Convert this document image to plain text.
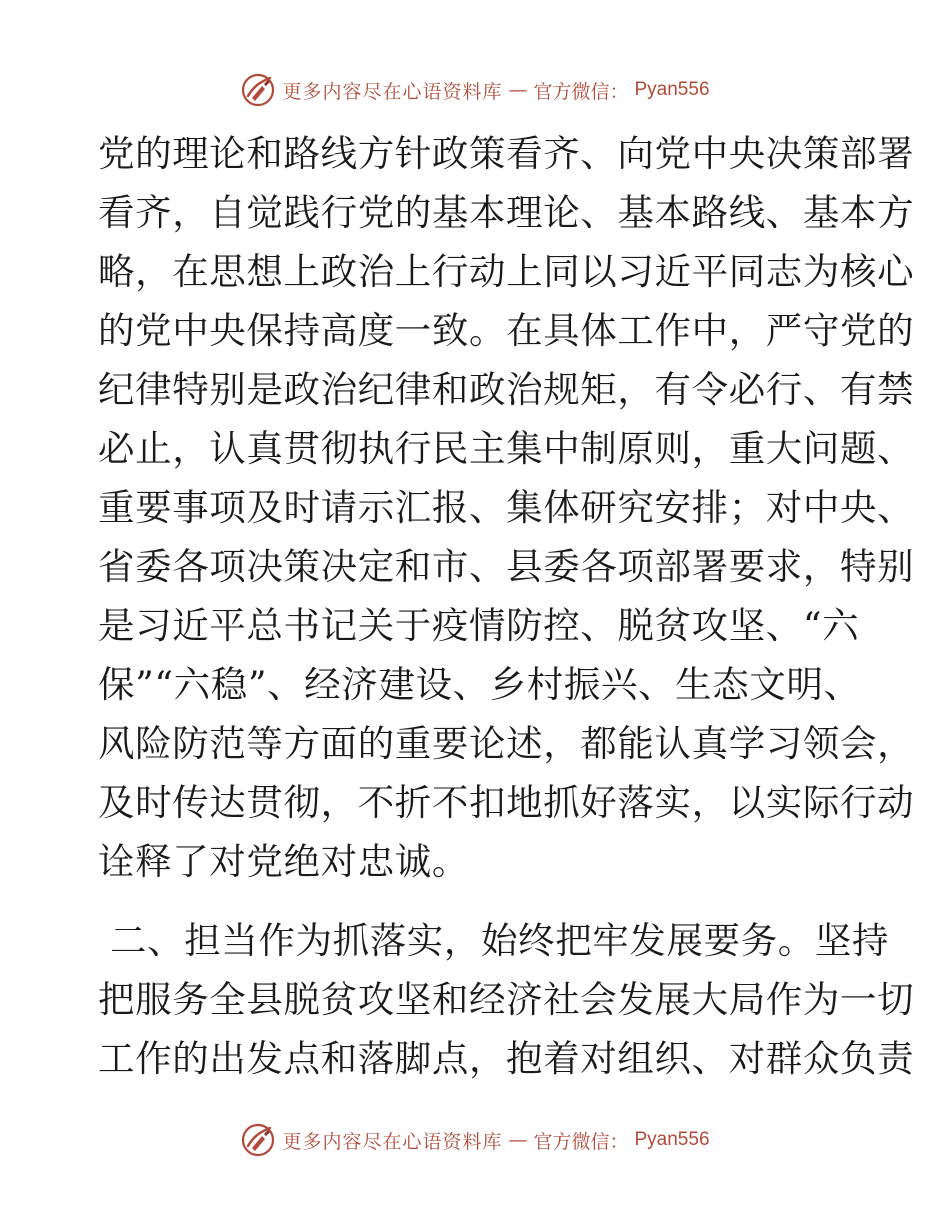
更多内容尽在心语资料库 — 官方微信： Pyan556
党的理论和路线方针政策看齐、向党中央决策部署
看齐，自觉践行党的基本理论、基本路线、基本方
略，在思想上政治上行动上同以习近平同志为核心
的党中央保持高度一致。在具体工作中，严守党的
纪律特别是政治纪律和政治规矩，有令必行、有禁
必止，认真贯彻执行民主集中制原则，重大问题、
重要事项及时请示汇报、集体研究安排；对中央、
省委各项决策决定和市、县委各项部署要求，特别
是习近平总书记关于疫情防控、脱贫攻坚、“六
保”“六稳”、经济建设、乡村振兴、生态文明、
风险防范等方面的重要论述，都能认真学习领会，
及时传达贯彻，不折不扣地抓好落实，以实际行动
诠释了对党绝对忠诚。
二、担当作为抓落实，始终把牢发展要务。坚持
把服务全县脱贫攻坚和经济社会发展大局作为一切
工作的出发点和落脚点，抱着对组织、对群众负责
更多内容尽在心语资料库 — 官方微信： Pyan556
